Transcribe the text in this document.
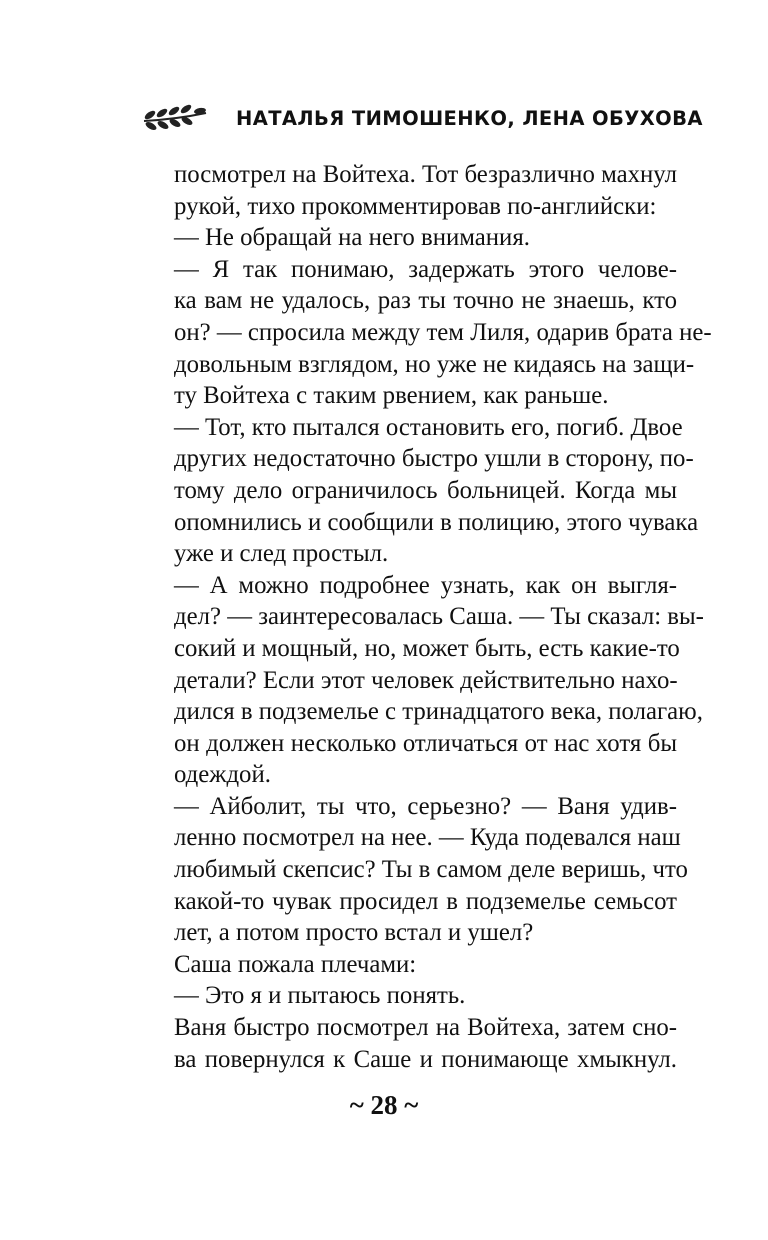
НАТАЛЬЯ ТИМОШЕНКО, ЛЕНА ОБУХОВА
посмотрел на Войтеха. Тот безразлично махнул
рукой, тихо прокомментировав по-английски:
— Не обращай на него внимания.
— Я так понимаю, задержать этого челове-
ка вам не удалось, раз ты точно не знаешь, кто
он? — спросила между тем Лиля, одарив брата не-
довольным взглядом, но уже не кидаясь на защи-
ту Войтеха с таким рвением, как раньше.
— Тот, кто пытался остановить его, погиб. Двое
других недостаточно быстро ушли в сторону, по-
тому дело ограничилось больницей. Когда мы
опомнились и сообщили в полицию, этого чувака
уже и след простыл.
— А можно подробнее узнать, как он выгля-
дел? — заинтересовалась Саша. — Ты сказал: вы-
сокий и мощный, но, может быть, есть какие-то
детали? Если этот человек действительно нахо-
дился в подземелье с тринадцатого века, полагаю,
он должен несколько отличаться от нас хотя бы
одеждой.
— Айболит, ты что, серьезно? — Ваня удив-
ленно посмотрел на нее. — Куда подевался наш
любимый скепсис? Ты в самом деле веришь, что
какой-то чувак просидел в подземелье семьсот
лет, а потом просто встал и ушел?
Саша пожала плечами:
— Это я и пытаюсь понять.
Ваня быстро посмотрел на Войтеха, затем сно-
ва повернулся к Саше и понимающе хмыкнул.
~ 28 ~
